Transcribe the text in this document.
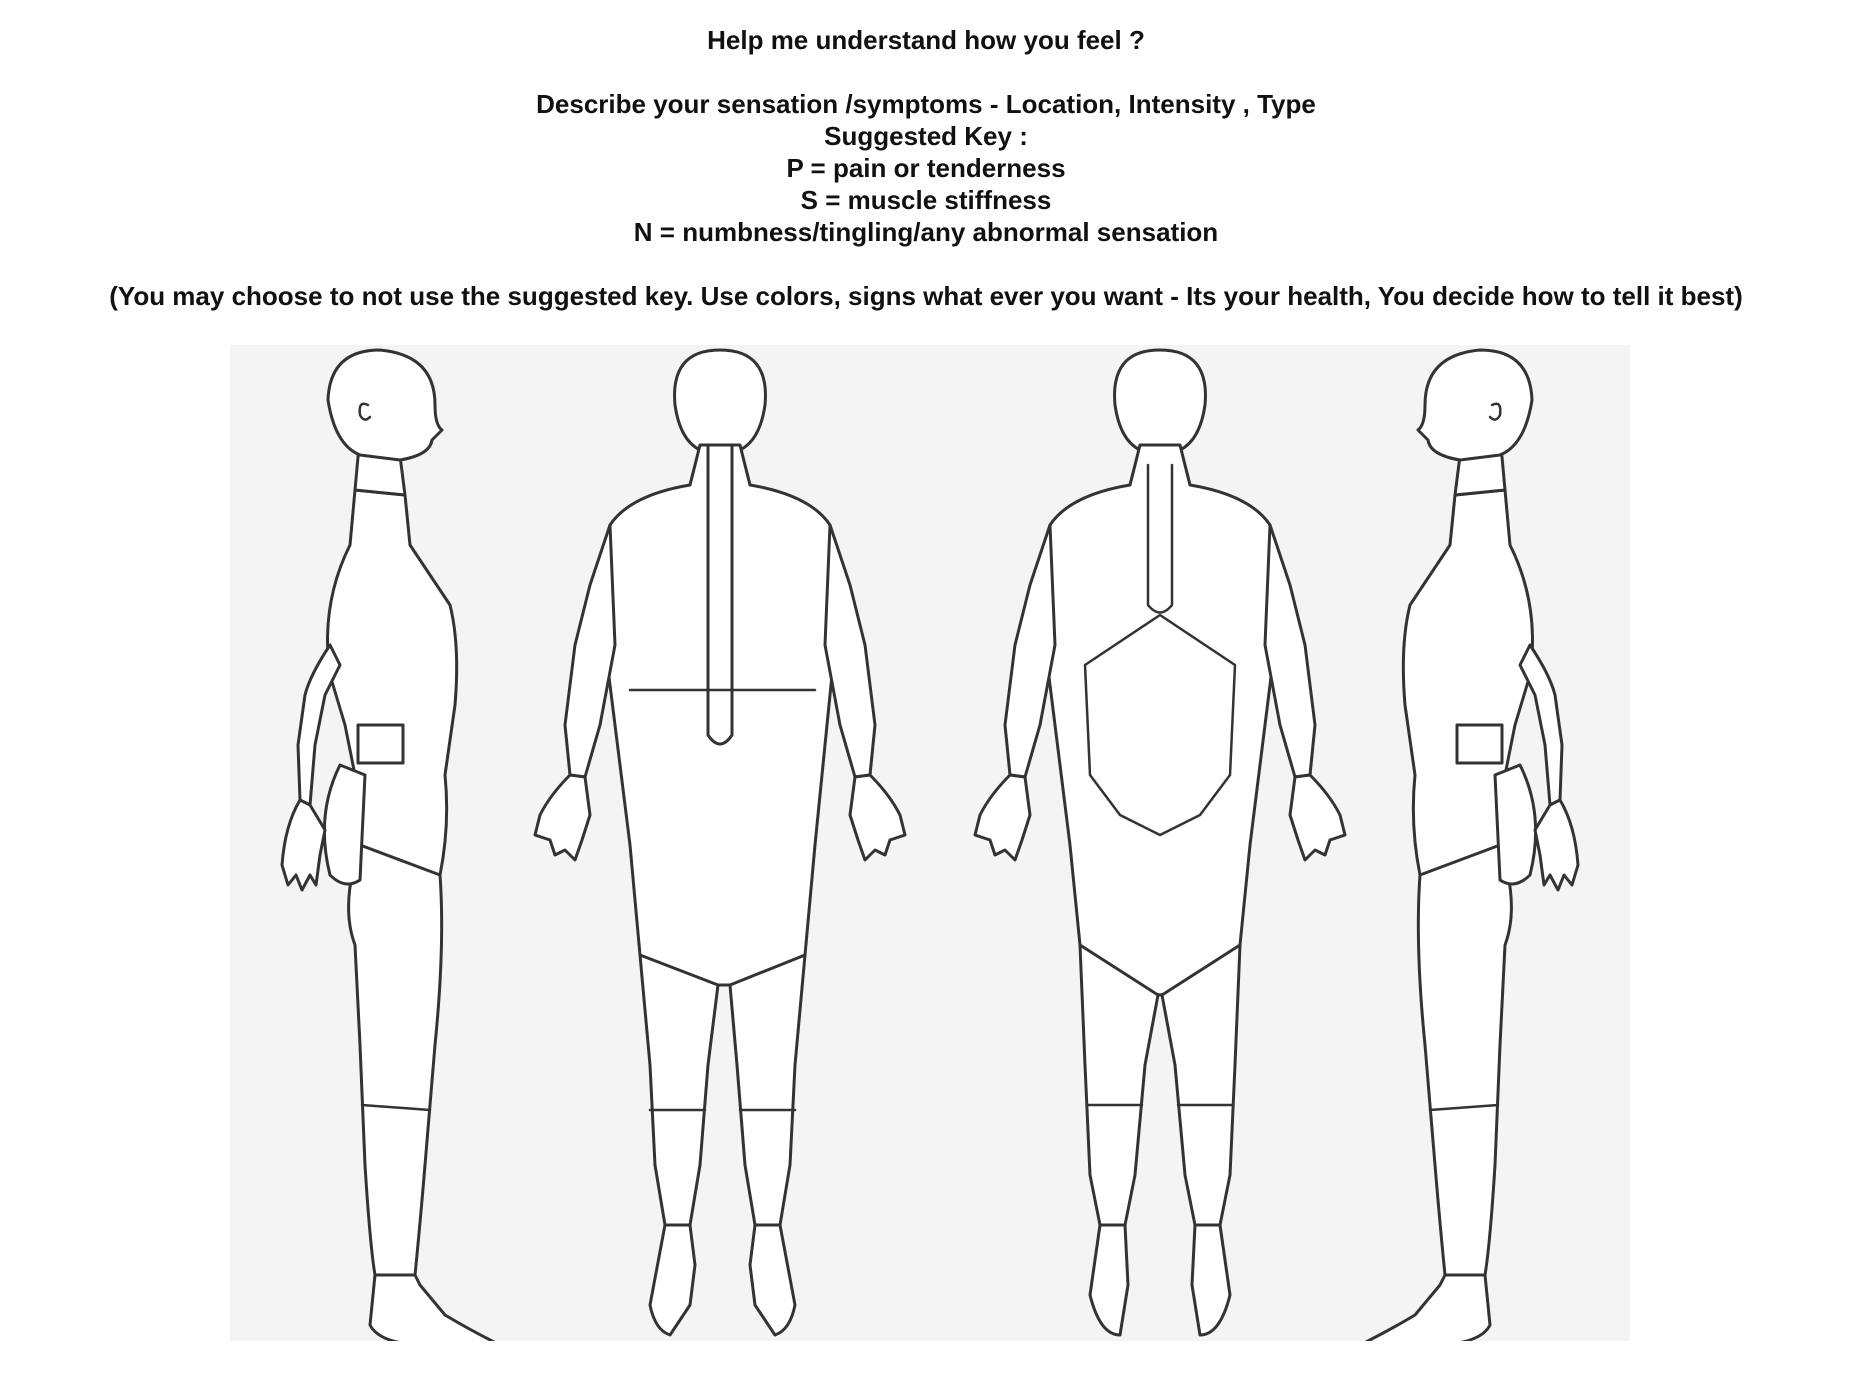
Help me understand how you feel ?
Describe your sensation /symptoms - Location, Intensity , Type
Suggested Key :
P = pain or tenderness
S = muscle stiffness
N = numbness/tingling/any abnormal sensation
(You may choose to not use the suggested key. Use colors, signs what ever you want - Its your health, You decide how to tell it best)
